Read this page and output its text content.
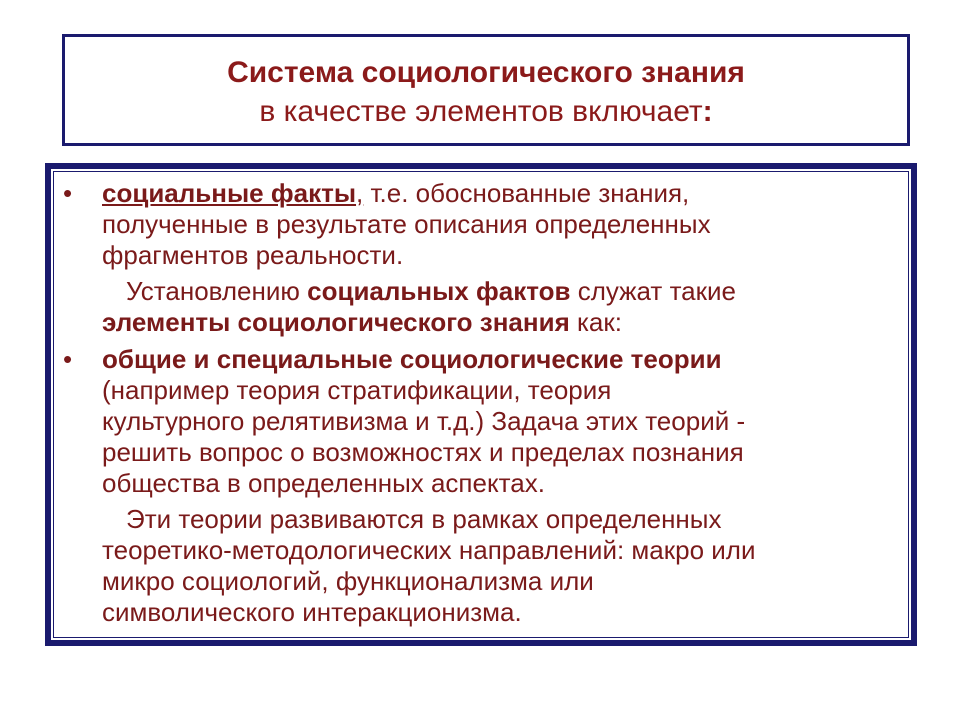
Система социологического знания
в качестве элементов включает:
• социальные факты, т.е. обоснованные знания,
полученные в результате описания определенных
фрагментов реальности.
Установлению социальных фактов служат такие
элементы социологического знания как:
• общие и специальные социологические теории
(например теория стратификации, теория
культурного релятивизма и т.д.) Задача этих теорий -
решить вопрос о возможностях и пределах познания
общества в определенных аспектах.
Эти теории развиваются в рамках определенных
теоретико-методологических направлений: макро или
микро социологий, функционализма или
символического интеракционизма.
